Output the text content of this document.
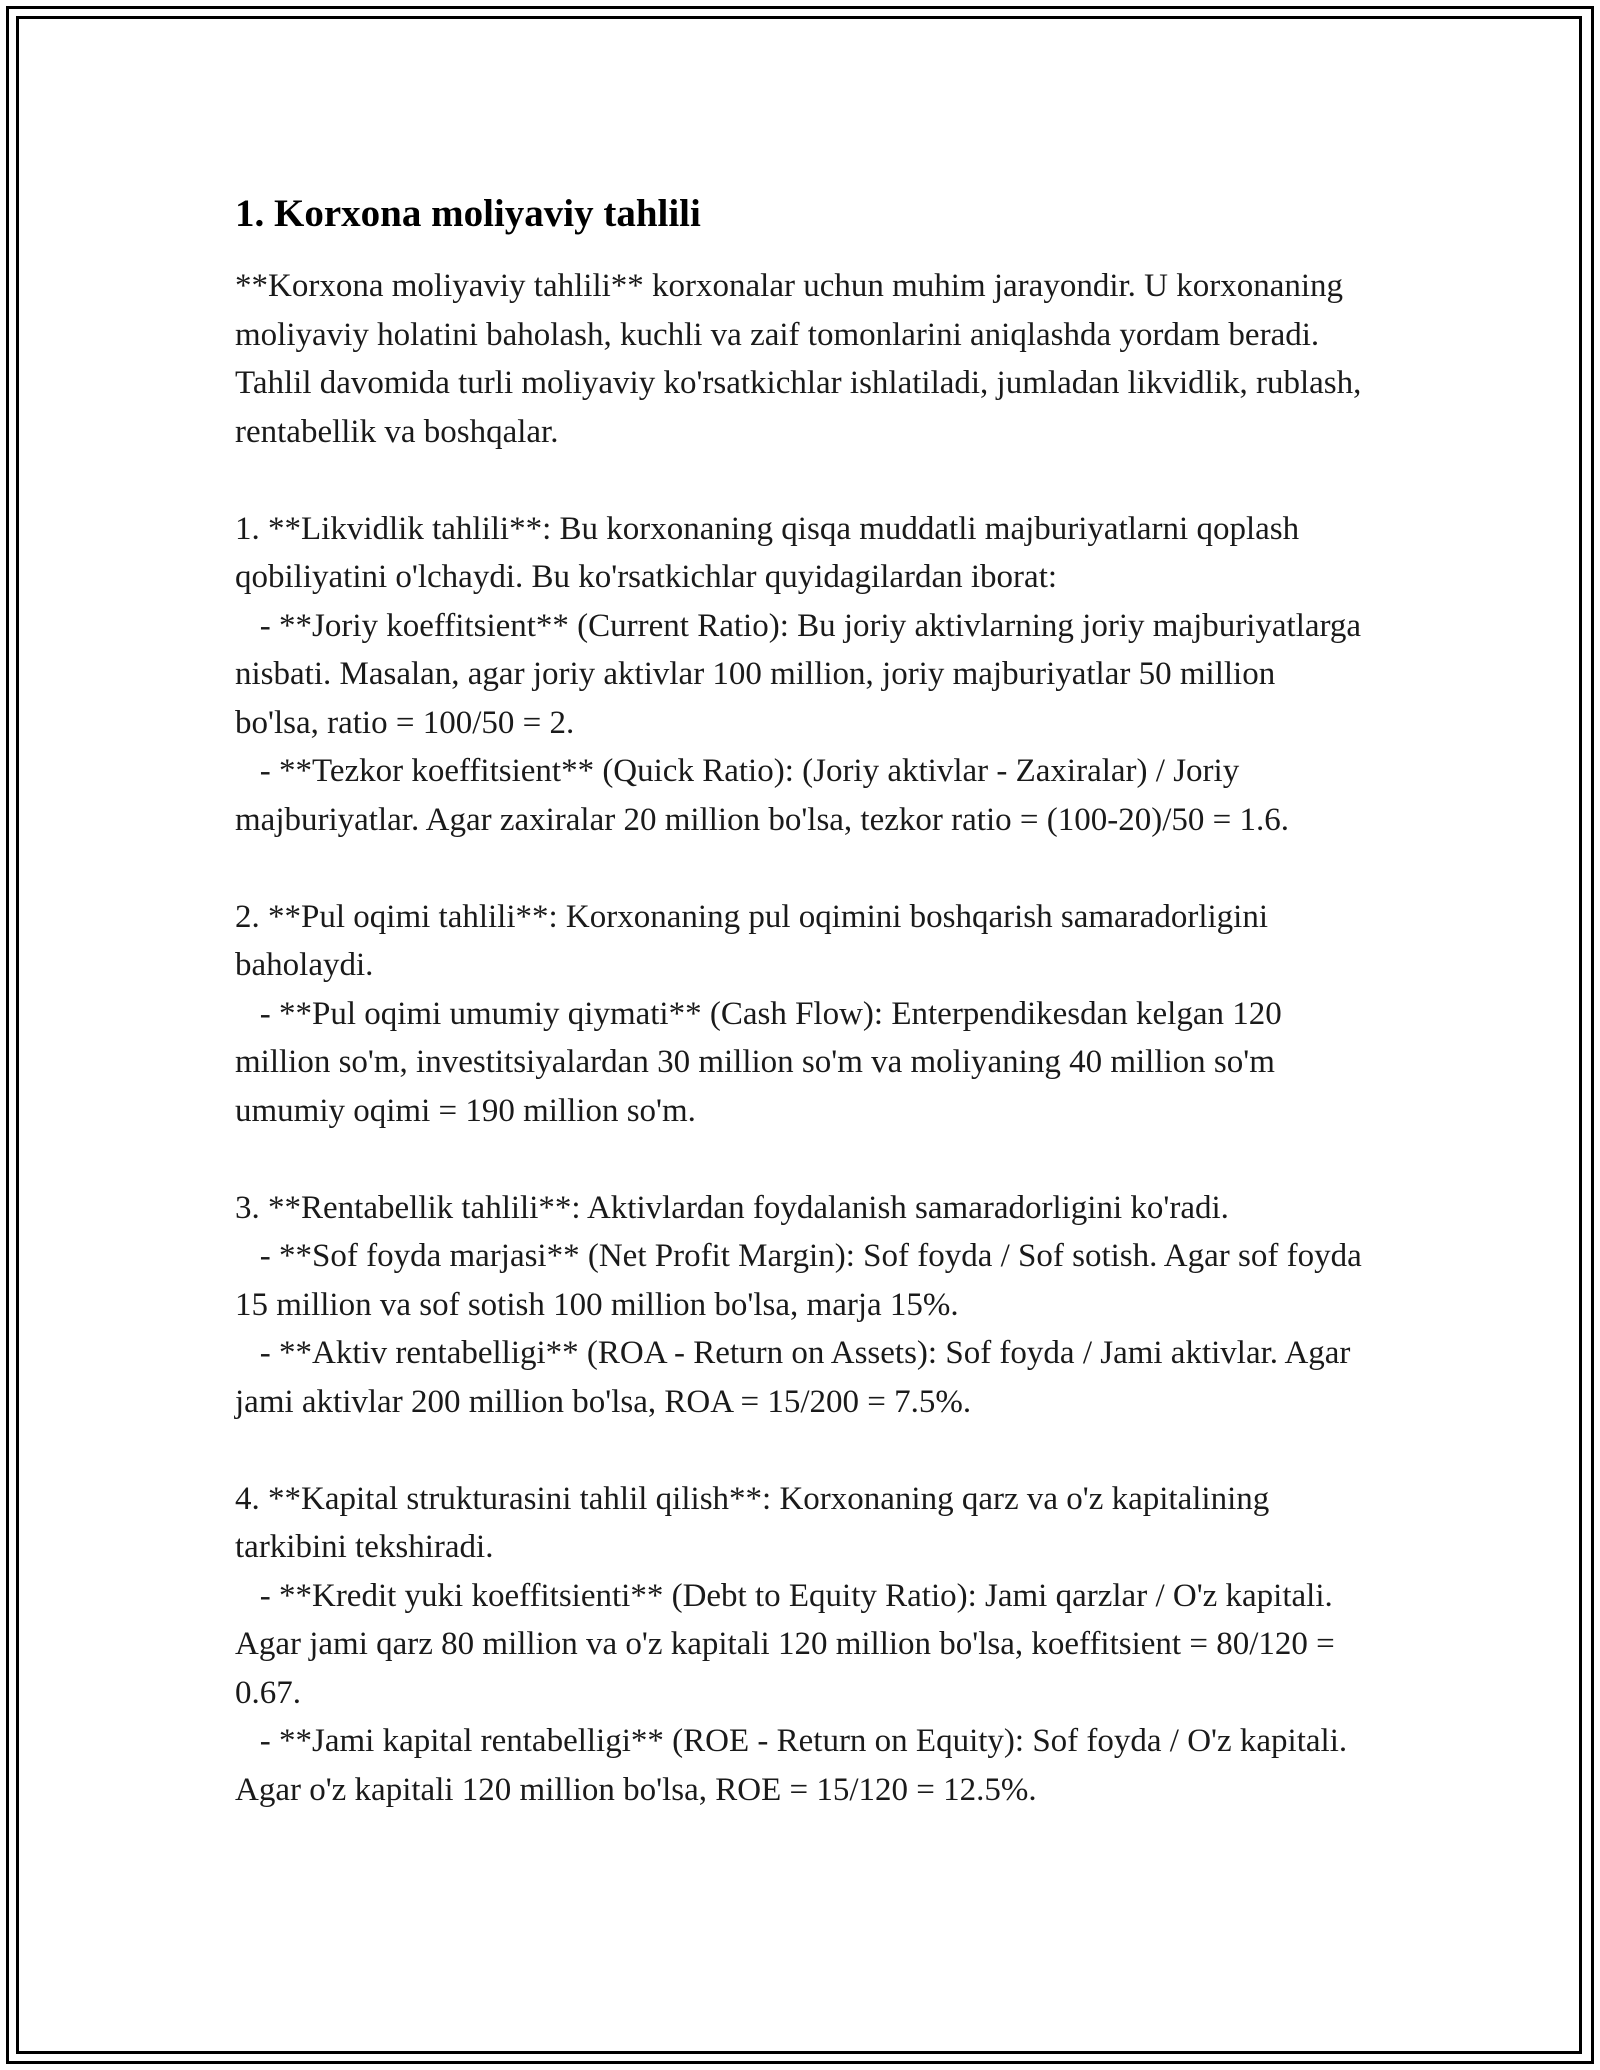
1. Korxona moliyaviy tahlili

**Korxona moliyaviy tahlili** korxonalar uchun muhim jarayondir. U korxonaning moliyaviy holatini baholash, kuchli va zaif tomonlarini aniqlashda yordam beradi. Tahlil davomida turli moliyaviy ko'rsatkichlar ishlatiladi, jumladan likvidlik, rublash, rentabellik va boshqalar.

1. **Likvidlik tahlili**: Bu korxonaning qisqa muddatli majburiyatlarni qoplash qobiliyatini o'lchaydi. Bu ko'rsatkichlar quyidagilardan iborat:

- **Joriy koeffitsient** (Current Ratio): Bu joriy aktivlarning joriy majburiyatlarga nisbati. Masalan, agar joriy aktivlar 100 million, joriy majburiyatlar 50 million bo'lsa, ratio = 100/50 = 2.

- **Tezkor koeffitsient** (Quick Ratio): (Joriy aktivlar - Zaxiralar) / Joriy majburiyatlar. Agar zaxiralar 20 million bo'lsa, tezkor ratio = (100-20)/50 = 1.6.

2. **Pul oqimi tahlili**: Korxonaning pul oqimini boshqarish samaradorligini baholaydi.

- **Pul oqimi umumiy qiymati** (Cash Flow): Enterpendikesdan kelgan 120 million so'm, investitsiyalardan 30 million so'm va moliyaning 40 million so'm umumiy oqimi = 190 million so'm.

3. **Rentabellik tahlili**: Aktivlardan foydalanish samaradorligini ko'radi.

- **Sof foyda marjasi** (Net Profit Margin): Sof foyda / Sof sotish. Agar sof foyda 15 million va sof sotish 100 million bo'lsa, marja 15%.

- **Aktiv rentabelligi** (ROA - Return on Assets): Sof foyda / Jami aktivlar. Agar jami aktivlar 200 million bo'lsa, ROA = 15/200 = 7.5%.

4. **Kapital strukturasini tahlil qilish**: Korxonaning qarz va o'z kapitalining tarkibini tekshiradi.

- **Kredit yuki koeffitsienti** (Debt to Equity Ratio): Jami qarzlar / O'z kapitali. Agar jami qarz 80 million va o'z kapitali 120 million bo'lsa, koeffitsient = 80/120 = 0.67.

- **Jami kapital rentabelligi** (ROE - Return on Equity): Sof foyda / O'z kapitali. Agar o'z kapitali 120 million bo'lsa, ROE = 15/120 = 12.5%.
